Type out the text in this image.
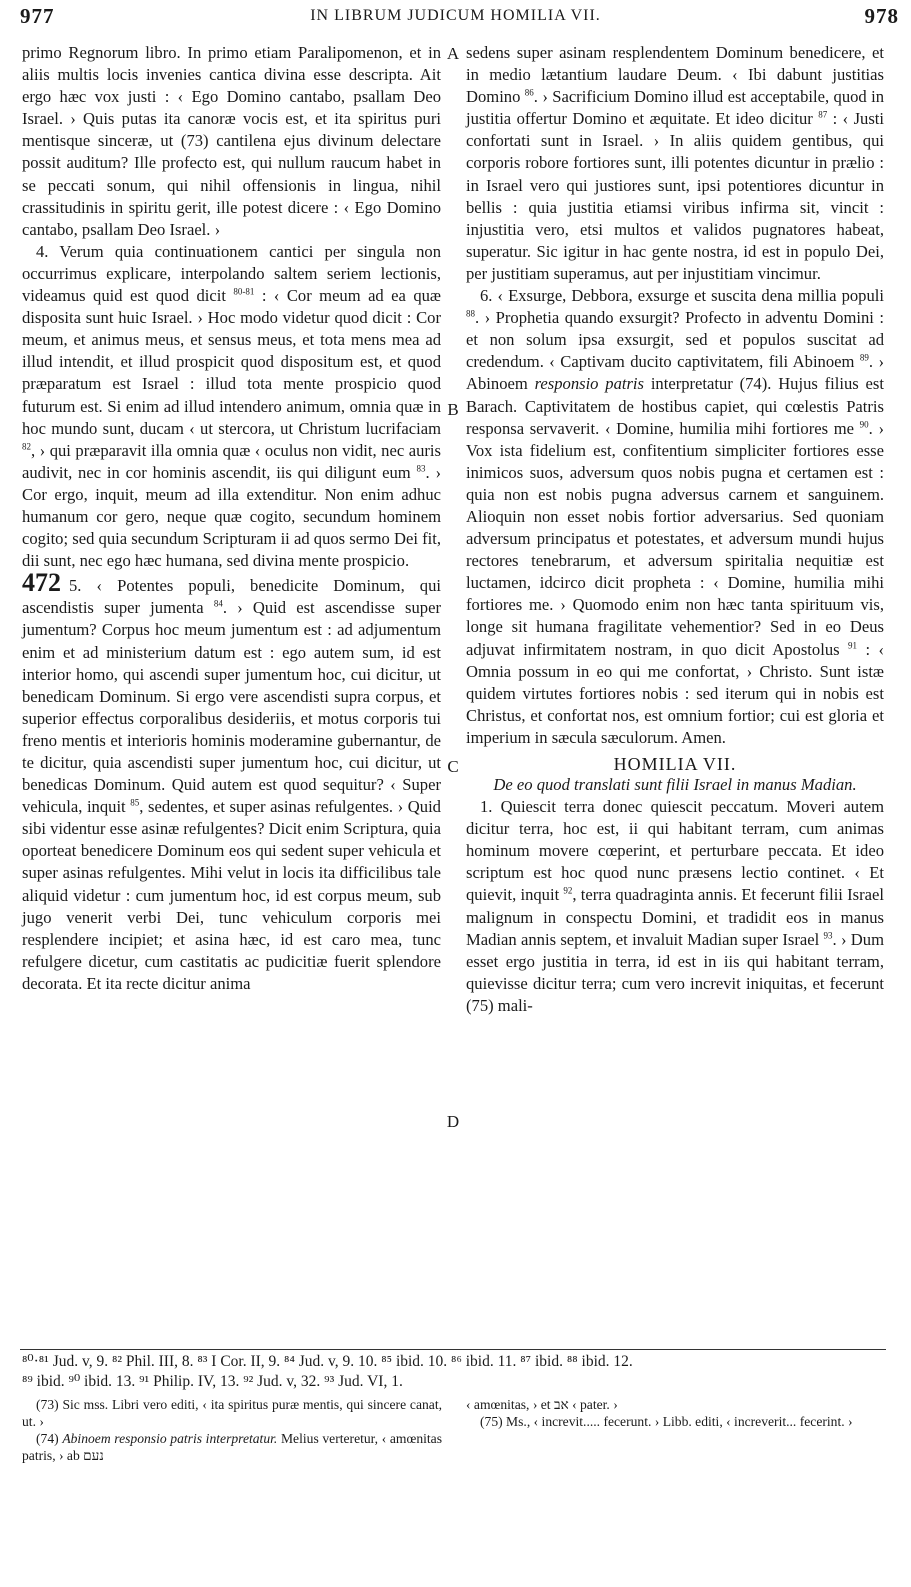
977	IN LIBRUM JUDICUM HOMILIA VII.	978
A
B
C
D

primo Regnorum libro. In primo etiam Paralipomenon, et in aliis multis locis invenies cantica divina esse descripta. Ait ergo hæc vox justi : ‹ Ego Domino cantabo, psallam Deo Israel. › Quis putas ita canoræ vocis est, et ita spiritus puri mentisque sinceræ, ut (73) cantilena ejus divinum delectare possit auditum? Ille profecto est, qui nullum raucum habet in se peccati sonum, qui nihil offensionis in lingua, nihil crassitudinis in spiritu gerit, ille potest dicere : ‹ Ego Domino cantabo, psallam Deo Israel. ›

4. Verum quia continuationem cantici per singula non occurrimus explicare, interpolando saltem seriem lectionis, videamus quid est quod dicit $^{80-81}$ : ‹ Cor meum ad ea quæ disposita sunt huic Israel. › Hoc modo videtur quod dicit : Cor meum, et animus meus, et sensus meus, et tota mens mea ad illud intendit, et illud prospicit quod dispositum est, et quod præparatum est Israel : illud tota mente prospicio quod futurum est. Si enim ad illud intendero animum, omnia quæ in hoc mundo sunt, ducam ‹ ut stercora, ut Christum lucrifaciam $^{82}$, › qui præparavit illa omnia quæ ‹ oculus non vidit, nec auris audivit, nec in cor hominis ascendit, iis qui diligunt eum $^{83}$. › Cor ergo, inquit, meum ad illa extenditur. Non enim adhuc humanum cor gero, neque quæ cogito, secundum hominem cogito; sed quia secundum Scripturam ii ad quos sermo Dei fit, dii sunt, nec ego hæc humana, sed divina mente prospicio.

472 5. ‹ Potentes populi, benedicite Dominum, qui ascendistis super jumenta $^{84}$. › Quid est ascendisse super jumentum? Corpus hoc meum jumentum est : ad adjumentum enim et ad ministerium datum est : ego autem sum, id est interior homo, qui ascendi super jumentum hoc, cui dicitur, ut benedicam Dominum. Si ergo vere ascendisti supra corpus, et superior effectus corporalibus desideriis, et motus corporis tui freno mentis et interioris hominis moderamine gubernantur, de te dicitur, quia ascendisti super jumentum hoc, cui dicitur, ut benedicas Dominum. Quid autem est quod sequitur? ‹ Super vehicula, inquit $^{85}$, sedentes, et super asinas refulgentes. › Quid sibi videntur esse asinæ refulgentes? Dicit enim Scriptura, quia oporteat benedicere Dominum eos qui sedent super vehicula et super asinas refulgentes. Mihi velut in locis ita difficilibus tale aliquid videtur : cum jumentum hoc, id est corpus meum, sub jugo venerit verbi Dei, tunc vehiculum corporis mei resplendere incipiet; et asina hæc, id est caro mea, tunc refulgere dicetur, cum castitatis ac pudicitiæ fuerit splendore decorata. Et ita recte dicitur anima

sedens super asinam resplendentem Dominum benedicere, et in medio lætantium laudare Deum. ‹ Ibi dabunt justitias Domino $^{86}$. › Sacrificium Domino illud est acceptabile, quod in justitia offertur Domino et æquitate. Et ideo dicitur $^{87}$ : ‹ Justi confortati sunt in Israel. › In aliis quidem gentibus, qui corporis robore fortiores sunt, illi potentes dicuntur in prælio : in Israel vero qui justiores sunt, ipsi potentiores dicuntur in bellis : quia justitia etiamsi viribus infirma sit, vincit : injustitia vero, etsi multos et validos pugnatores habeat, superatur. Sic igitur in hac gente nostra, id est in populo Dei, per justitiam superamus, aut per injustitiam vincimur.

6. ‹ Exsurge, Debbora, exsurge et suscita dena millia populi $^{88}$. › Prophetia quando exsurgit? Profecto in adventu Domini : et non solum ipsa exsurgit, sed et populos suscitat ad credendum. ‹ Captivam ducito captivitatem, fili Abinoem $^{89}$. › Abinoem responsio patris interpretatur (74). Hujus filius est Barach. Captivitatem de hostibus capiet, qui cœlestis Patris responsa servaverit. ‹ Domine, humilia mihi fortiores me $^{90}$. › Vox ista fidelium est, confitentium simpliciter fortiores esse inimicos suos, adversum quos nobis pugna et certamen est : quia non est nobis pugna adversus carnem et sanguinem. Alioquin non esset nobis fortior adversarius. Sed quoniam adversum principatus et potestates, et adversum mundi hujus rectores tenebrarum, et adversum spiritalia nequitiæ est luctamen, idcirco dicit propheta : ‹ Domine, humilia mihi fortiores me. › Quomodo enim non hæc tanta spirituum vis, longe sit humana fragilitate vehementior? Sed in eo Deus adjuvat infirmitatem nostram, in quo dicit Apostolus $^{91}$ : ‹ Omnia possum in eo qui me confortat, › Christo. Sunt istæ quidem virtutes fortiores nobis : sed iterum qui in nobis est Christus, et confortat nos, est omnium fortior; cui est gloria et imperium in sæcula sæculorum. Amen.

HOMILIA VII.
De eo quod translati sunt filii Israel in manus Madian.

1. Quiescit terra donec quiescit peccatum. Moveri autem dicitur terra, hoc est, ii qui habitant terram, cum animas hominum movere cœperint, et perturbare peccata. Et ideo scriptum est hoc quod nunc præsens lectio continet. ‹ Et quievit, inquit $^{92}$, terra quadraginta annis. Et fecerunt filii Israel malignum in conspectu Domini, et tradidit eos in manus Madian annis septem, et invaluit Madian super Israel $^{93}$. › Dum esset ergo justitia in terra, id est in iis qui habitant terram, quievisse dicitur terra; cum vero increvit iniquitas, et fecerunt (75) mali-

⁸⁰·⁸¹ Jud. v, 9. ⁸² Phil. III, 8. ⁸³ I Cor. II, 9. ⁸⁴ Jud. v, 9. 10. ⁸⁵ ibid. 10. ⁸⁶ ibid. 11. ⁸⁷ ibid. ⁸⁸ ibid. 12.

⁸⁹ ibid. ⁹⁰ ibid. 13. ⁹¹ Philip. IV, 13. ⁹² Jud. v, 32. ⁹³ Jud. VI, 1.

(73) Sic mss. Libri vero editi, ‹ ita spiritus puræ mentis, qui sincere canat, ut. ›

(74) Abinoem responsio patris interpretatur. Melius verteretur, ‹ amœnitas patris, › ab נעם

‹ amœnitas, › et אב ‹ pater. ›

(75) Ms., ‹ increvit..... fecerunt. › Libb. editi, ‹ increverit... fecerint. ›
